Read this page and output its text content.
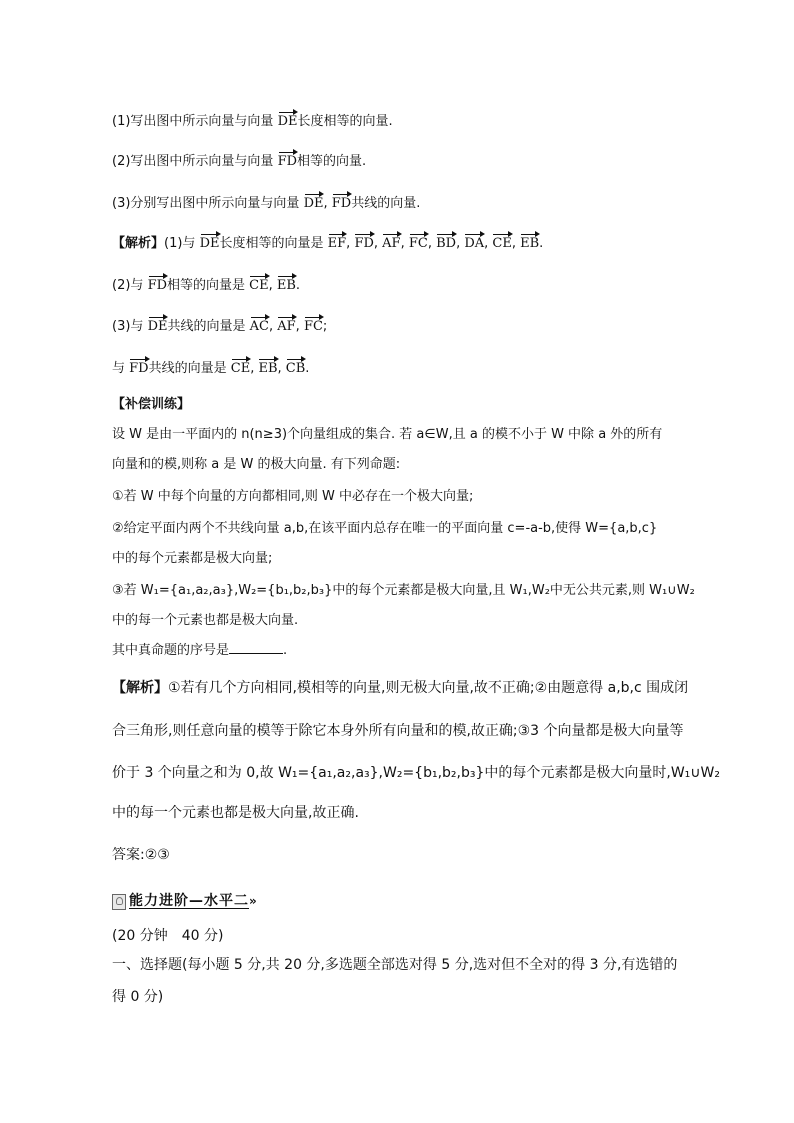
(1)写出图中所示向量与向量 DE长度相等的向量.
(2)写出图中所示向量与向量 FD相等的向量.
(3)分别写出图中所示向量与向量 DE, FD共线的向量.
【解析】(1)与 DE长度相等的向量是 EF, FD, AF, FC, BD, DA, CE, EB.
(2)与 FD相等的向量是 CE, EB.
(3)与 DE共线的向量是 AC, AF, FC;
与 FD共线的向量是 CE, EB, CB.
【补偿训练】
设 W 是由一平面内的 n(n≥3)个向量组成的集合. 若 a∈W,且 a 的模不小于 W 中除 a 外的所有
向量和的模,则称 a 是 W 的极大向量. 有下列命题:
①若 W 中每个向量的方向都相同,则 W 中必存在一个极大向量;
②给定平面内两个不共线向量 a,b,在该平面内总存在唯一的平面向量 c=-a-b,使得 W={a,b,c}
中的每个元素都是极大向量;
③若 W₁={a₁,a₂,a₃},W₂={b₁,b₂,b₃}中的每个元素都是极大向量,且 W₁,W₂中无公共元素,则 W₁∪W₂
中的每一个元素也都是极大向量.
其中真命题的序号是	.
【解析】①若有几个方向相同,模相等的向量,则无极大向量,故不正确;②由题意得 a,b,c 围成闭
合三角形,则任意向量的模等于除它本身外所有向量和的模,故正确;③3 个向量都是极大向量等
价于 3 个向量之和为 0,故 W₁={a₁,a₂,a₃},W₂={b₁,b₂,b₃}中的每个元素都是极大向量时,W₁∪W₂
中的每一个元素也都是极大向量,故正确.
答案:②③
能力进阶—水平二»
(20 分钟　40 分)
一、选择题(每小题 5 分,共 20 分,多选题全部选对得 5 分,选对但不全对的得 3 分,有选错的
得 0 分)
